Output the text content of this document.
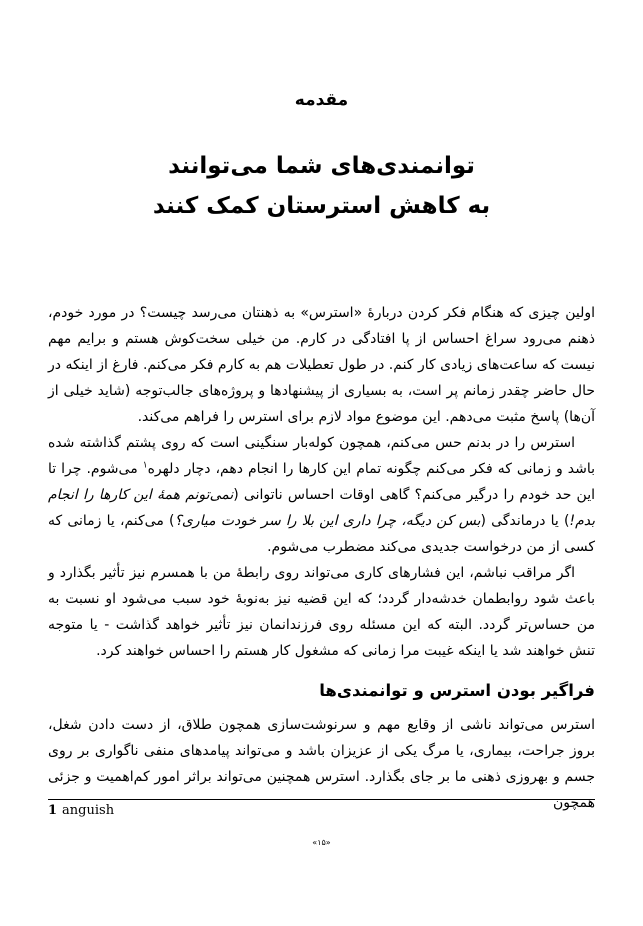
مقدمه
توانمندی‌های شما می‌توانند
به کاهش استرستان کمک کنند

اولین چیزی که هنگام فکر کردن دربارۀ «استرس» به ذهنتان می‌رسد چیست؟ در مورد خودم، ذهنم می‌رود سراغ احساس از پا افتادگی در کارم. من خیلی سخت‌کوش هستم و برایم مهم نیست که ساعت‌های زیادی کار کنم. در طول تعطیلات هم به کارم فکر می‌کنم. فارغ از اینکه در حال حاضر چقدر زمانم پر است، به بسیاری از پیشنهادها و پروژه‌های جالب‌توجه (شاید خیلی از آن‌ها) پاسخ مثبت می‌دهم. این موضوع مواد لازم برای استرس را فراهم می‌کند.

استرس را در بدنم حس می‌کنم، همچون کوله‌بار سنگینی است که روی پشتم گذاشته شده باشد و زمانی که فکر می‌کنم چگونه تمام این کارها را انجام دهم، دچار دلهره$^۱$ می‌شوم. چرا تا این حد خودم را درگیر می‌کنم؟ گاهی اوقات احساس ناتوانی (نمی‌تونم همۀ این کارها را انجام بدم!) یا درماندگی (بس کن دیگه، چرا داری این بلا را سر خودت میاری؟) می‌کنم، یا زمانی که کسی از من درخواست جدیدی می‌کند مضطرب می‌شوم.

اگر مراقب نباشم، این فشارهای کاری می‌تواند روی رابطۀ من با همسرم نیز تأثیر بگذارد و باعث شود روابطمان خدشه‌دار گردد؛ که این قضیه نیز به‌نوبۀ خود سبب می‌شود او نسبت به من حساس‌تر گردد. البته که این مسئله روی فرزندانمان نیز تأثیر خواهد گذاشت - یا متوجه تنش خواهند شد یا اینکه غیبت مرا زمانی که مشغول کار هستم را احساس خواهند کرد.

فراگیر بودن استرس و توانمندی‌ها

استرس می‌تواند ناشی از وقایع مهم و سرنوشت‌سازی همچون طلاق، از دست دادن شغل، بروز جراحت، بیماری، یا مرگ یکی از عزیزان باشد و می‌تواند پیامدهای منفی ناگواری بر روی جسم و بهروزی ذهنی ما بر جای بگذارد. استرس همچنین می‌تواند براثر امور کم‌اهمیت و جزئی همچون

1 anguish
«۱۵»
